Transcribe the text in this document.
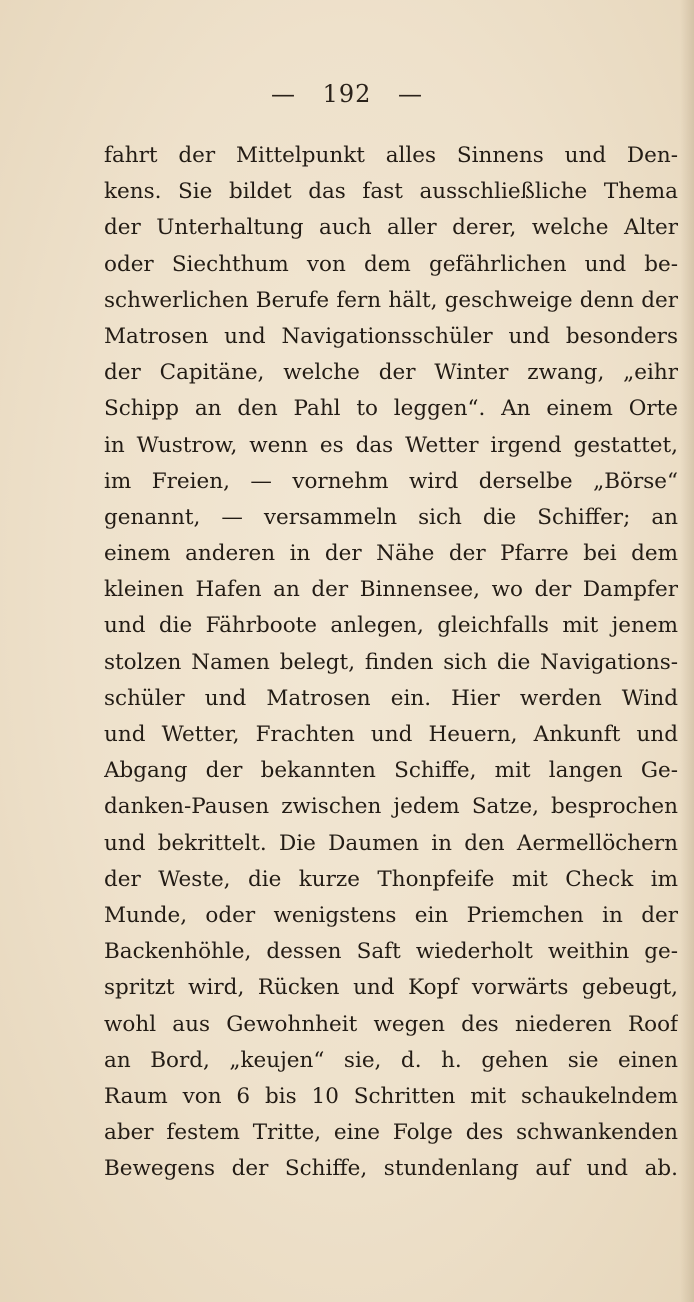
— 192 —
fahrt der Mittelpunkt alles Sinnens und Den-
kens. Sie bildet das fast ausschließliche Thema
der Unterhaltung auch aller derer, welche Alter
oder Siechthum von dem gefährlichen und be-
schwerlichen Berufe fern hält, geschweige denn der
Matrosen und Navigationsschüler und besonders
der Capitäne, welche der Winter zwang, „eihr
Schipp an den Pahl to leggen“. An einem Orte
in Wustrow, wenn es das Wetter irgend gestattet,
im Freien, — vornehm wird derselbe „Börse“
genannt, — versammeln sich die Schiffer; an
einem anderen in der Nähe der Pfarre bei dem
kleinen Hafen an der Binnensee, wo der Dampfer
und die Fährboote anlegen, gleichfalls mit jenem
stolzen Namen belegt, finden sich die Navigations-
schüler und Matrosen ein. Hier werden Wind
und Wetter, Frachten und Heuern, Ankunft und
Abgang der bekannten Schiffe, mit langen Ge-
danken-Pausen zwischen jedem Satze, besprochen
und bekrittelt. Die Daumen in den Aermellöchern
der Weste, die kurze Thonpfeife mit Check im
Munde, oder wenigstens ein Priemchen in der
Backenhöhle, dessen Saft wiederholt weithin ge-
spritzt wird, Rücken und Kopf vorwärts gebeugt,
wohl aus Gewohnheit wegen des niederen Roof
an Bord, „keujen“ sie, d. h. gehen sie einen
Raum von 6 bis 10 Schritten mit schaukelndem
aber festem Tritte, eine Folge des schwankenden
Bewegens der Schiffe, stundenlang auf und ab.
